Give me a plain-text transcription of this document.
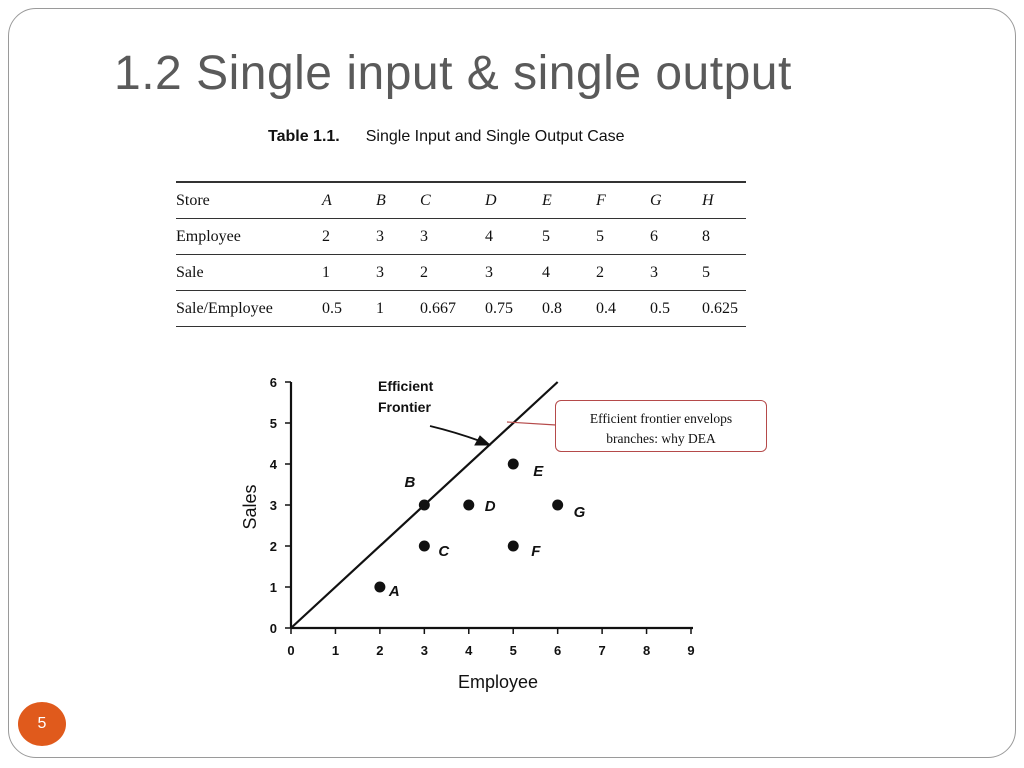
1.2 Single input & single output
Table 1.1. Single Input and Single Output Case
Store	A	B	C	D	E	F	G	H
Employee	2	3	3	4	5	5	6	8
Sale	1	3	2	3	4	2	3	5
Sale/Employee	0.5	1	0.667	0.75	0.8	0.4	0.5	0.625
0	1	2	3	4	5	6	7	8	9
0
1
2
3
4
5
6
Employee
Sales
Efficient
Frontier
A
B
C
D
E
F
G
Efficient frontier envelops
branches: why DEA
5
